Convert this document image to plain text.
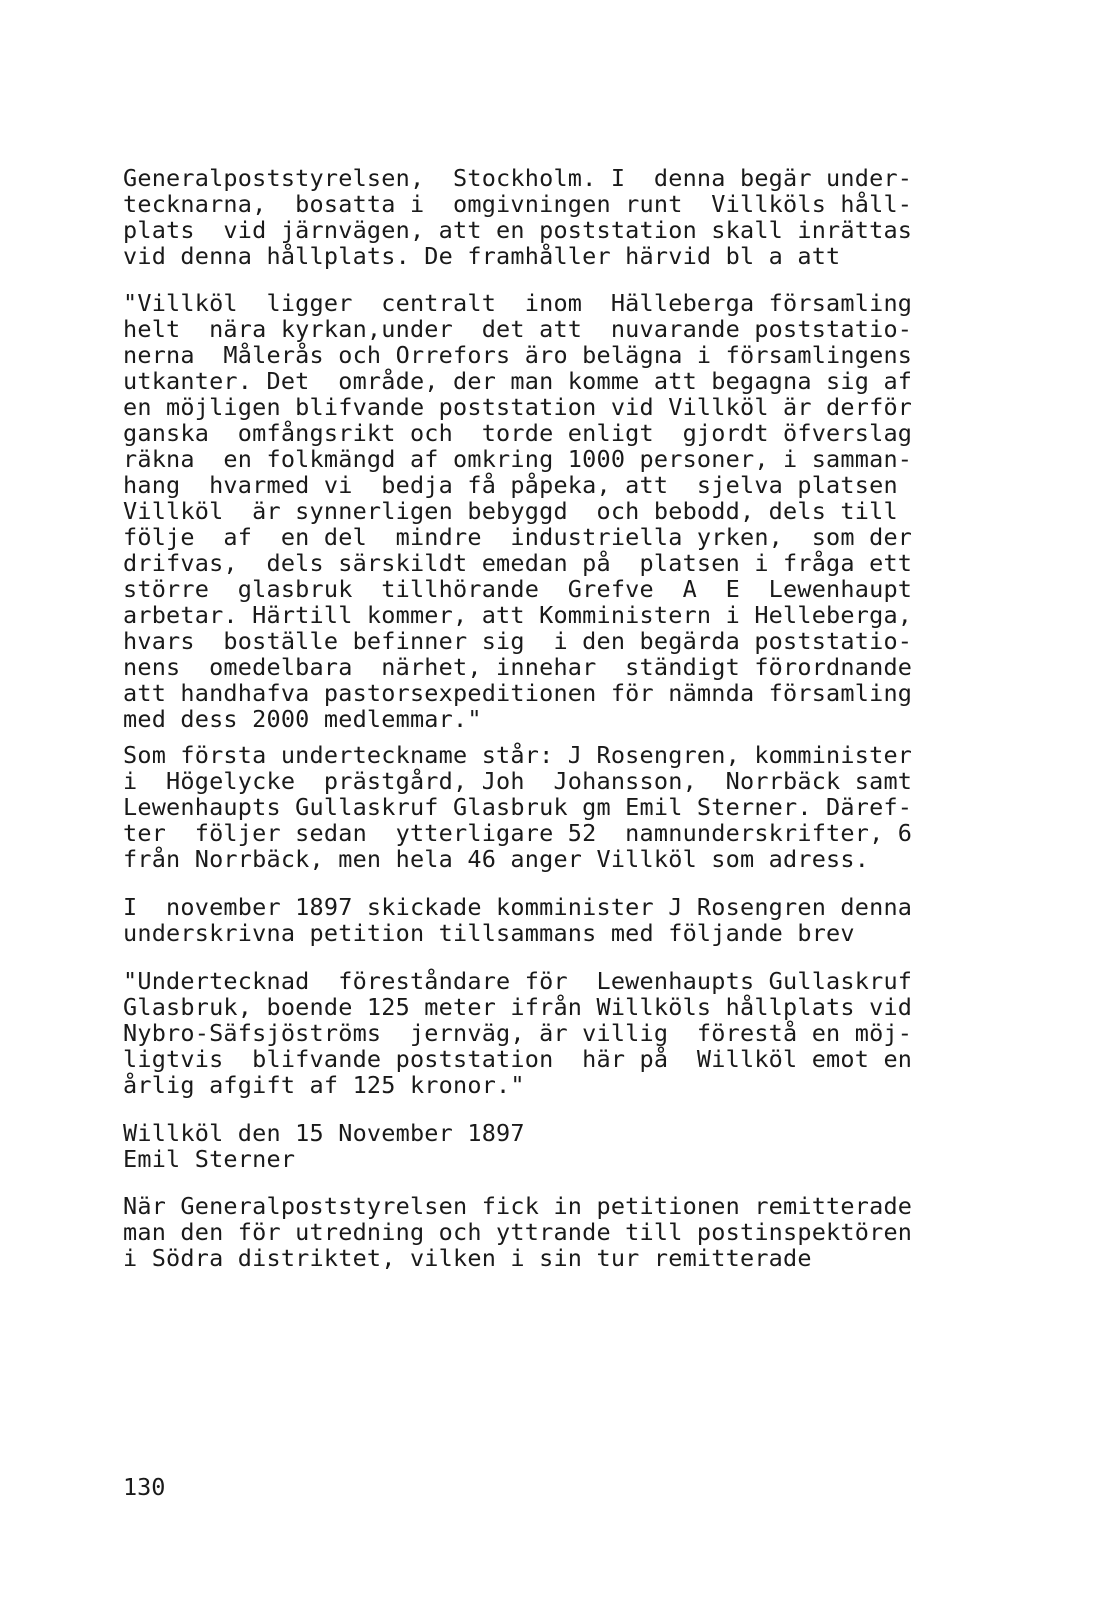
Generalpoststyrelsen,  Stockholm. I  denna begär under-
tecknarna,  bosatta i  omgivningen runt  Villköls håll-
plats  vid järnvägen, att en poststation skall inrättas
vid denna hållplats. De framhåller härvid bl a att
"Villköl  ligger  centralt  inom  Hälleberga församling
helt  nära kyrkan,under  det att  nuvarande poststatio-
nerna  Målerås och Orrefors äro belägna i församlingens
utkanter. Det  område, der man komme att begagna sig af
en möjligen blifvande poststation vid Villköl är derför
ganska  omfångsrikt och  torde enligt  gjordt öfverslag
räkna  en folkmängd af omkring 1000 personer, i samman-
hang  hvarmed vi  bedja få påpeka, att  sjelva platsen
Villköl  är synnerligen bebyggd  och bebodd, dels till
följe  af  en del  mindre  industriella yrken,  som der
drifvas,  dels särskildt emedan på  platsen i fråga ett
större  glasbruk  tillhörande  Grefve  A  E  Lewenhaupt
arbetar. Härtill kommer, att Komministern i Helleberga,
hvars  boställe befinner sig  i den begärda poststatio-
nens  omedelbara  närhet, innehar  ständigt förordnande
att handhafva pastorsexpeditionen för nämnda församling
med dess 2000 medlemmar."
Som första underteckname står: J Rosengren, komminister
i  Högelycke  prästgård, Joh  Johansson,  Norrbäck samt
Lewenhaupts Gullaskruf Glasbruk gm Emil Sterner. Däref-
ter  följer sedan  ytterligare 52  namnunderskrifter, 6
från Norrbäck, men hela 46 anger Villköl som adress.
I  november 1897 skickade komminister J Rosengren denna
underskrivna petition tillsammans med följande brev
"Undertecknad  föreståndare för  Lewenhaupts Gullaskruf
Glasbruk, boende 125 meter ifrån Willköls hållplats vid
Nybro-Säfsjöströms  jernväg, är villig  förestå en möj-
ligtvis  blifvande poststation  här på  Willköl emot en
årlig afgift af 125 kronor."
Willköl den 15 November 1897
Emil Sterner
När Generalpoststyrelsen fick in petitionen remitterade
man den för utredning och yttrande till postinspektören
i Södra distriktet, vilken i sin tur remitterade
130
